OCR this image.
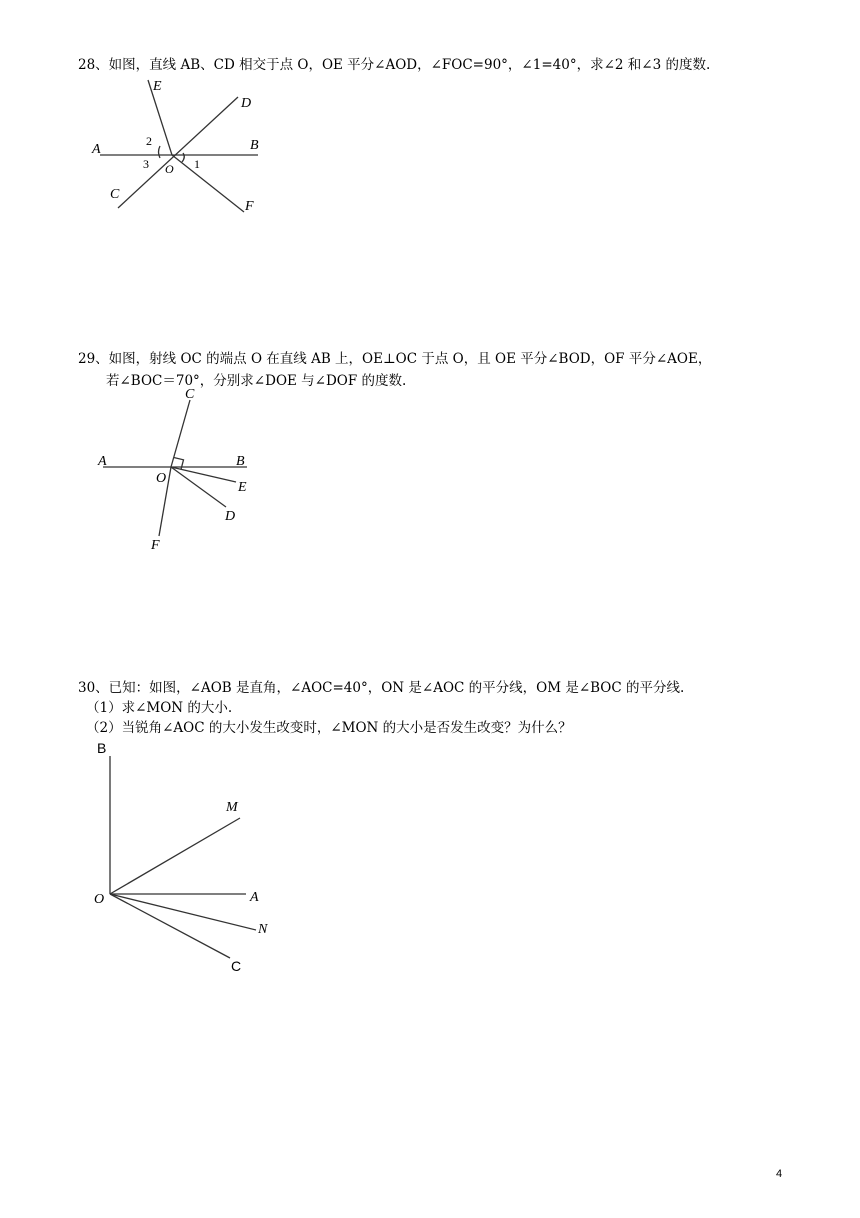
28、如图，直线 AB、CD 相交于点 O，OE 平分∠AOD，∠FOC=90°，∠1=40°，求∠2 和∠3 的度数.
A	B
C
D
E
F
O
2
3	1
29、如图，射线 OC 的端点 O 在直线 AB 上，OE⊥OC 于点 O，且 OE 平分∠BOD，OF 平分∠AOE，
若∠BOC＝70°，分别求∠DOE 与∠DOF 的度数.
A	B
C
D
E
F
O
30、已知：如图，∠AOB 是直角，∠AOC=40°，ON 是∠AOC 的平分线，OM 是∠BOC 的平分线.
（1）求∠MON 的大小.
（2）当锐角∠AOC 的大小发生改变时，∠MON 的大小是否发生改变？为什么？
B
M
A
N
C
O
4
